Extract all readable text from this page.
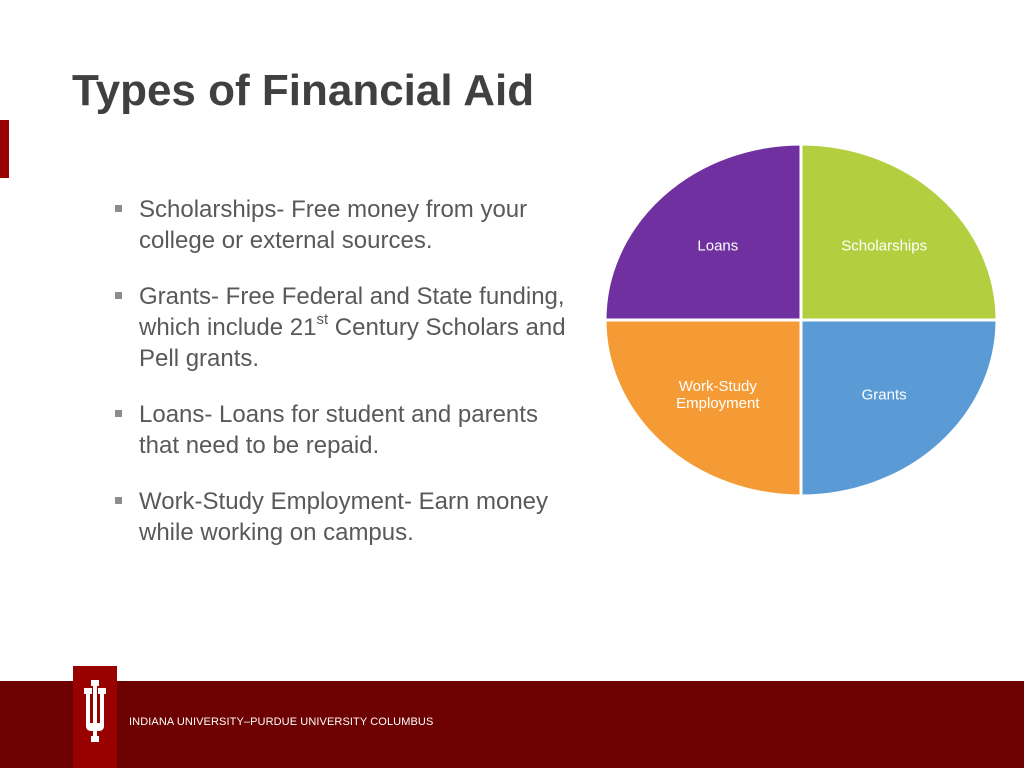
Types of Financial Aid
Scholarships- Free money from your college or external sources.
Grants- Free Federal and State funding, which include 21st Century Scholars and Pell grants.
Loans- Loans for student and parents that need to be repaid.
Work-Study Employment- Earn money while working on campus.
Scholarships
Grants
Work-Study Employment
Loans
INDIANA UNIVERSITY–PURDUE UNIVERSITY COLUMBUS
